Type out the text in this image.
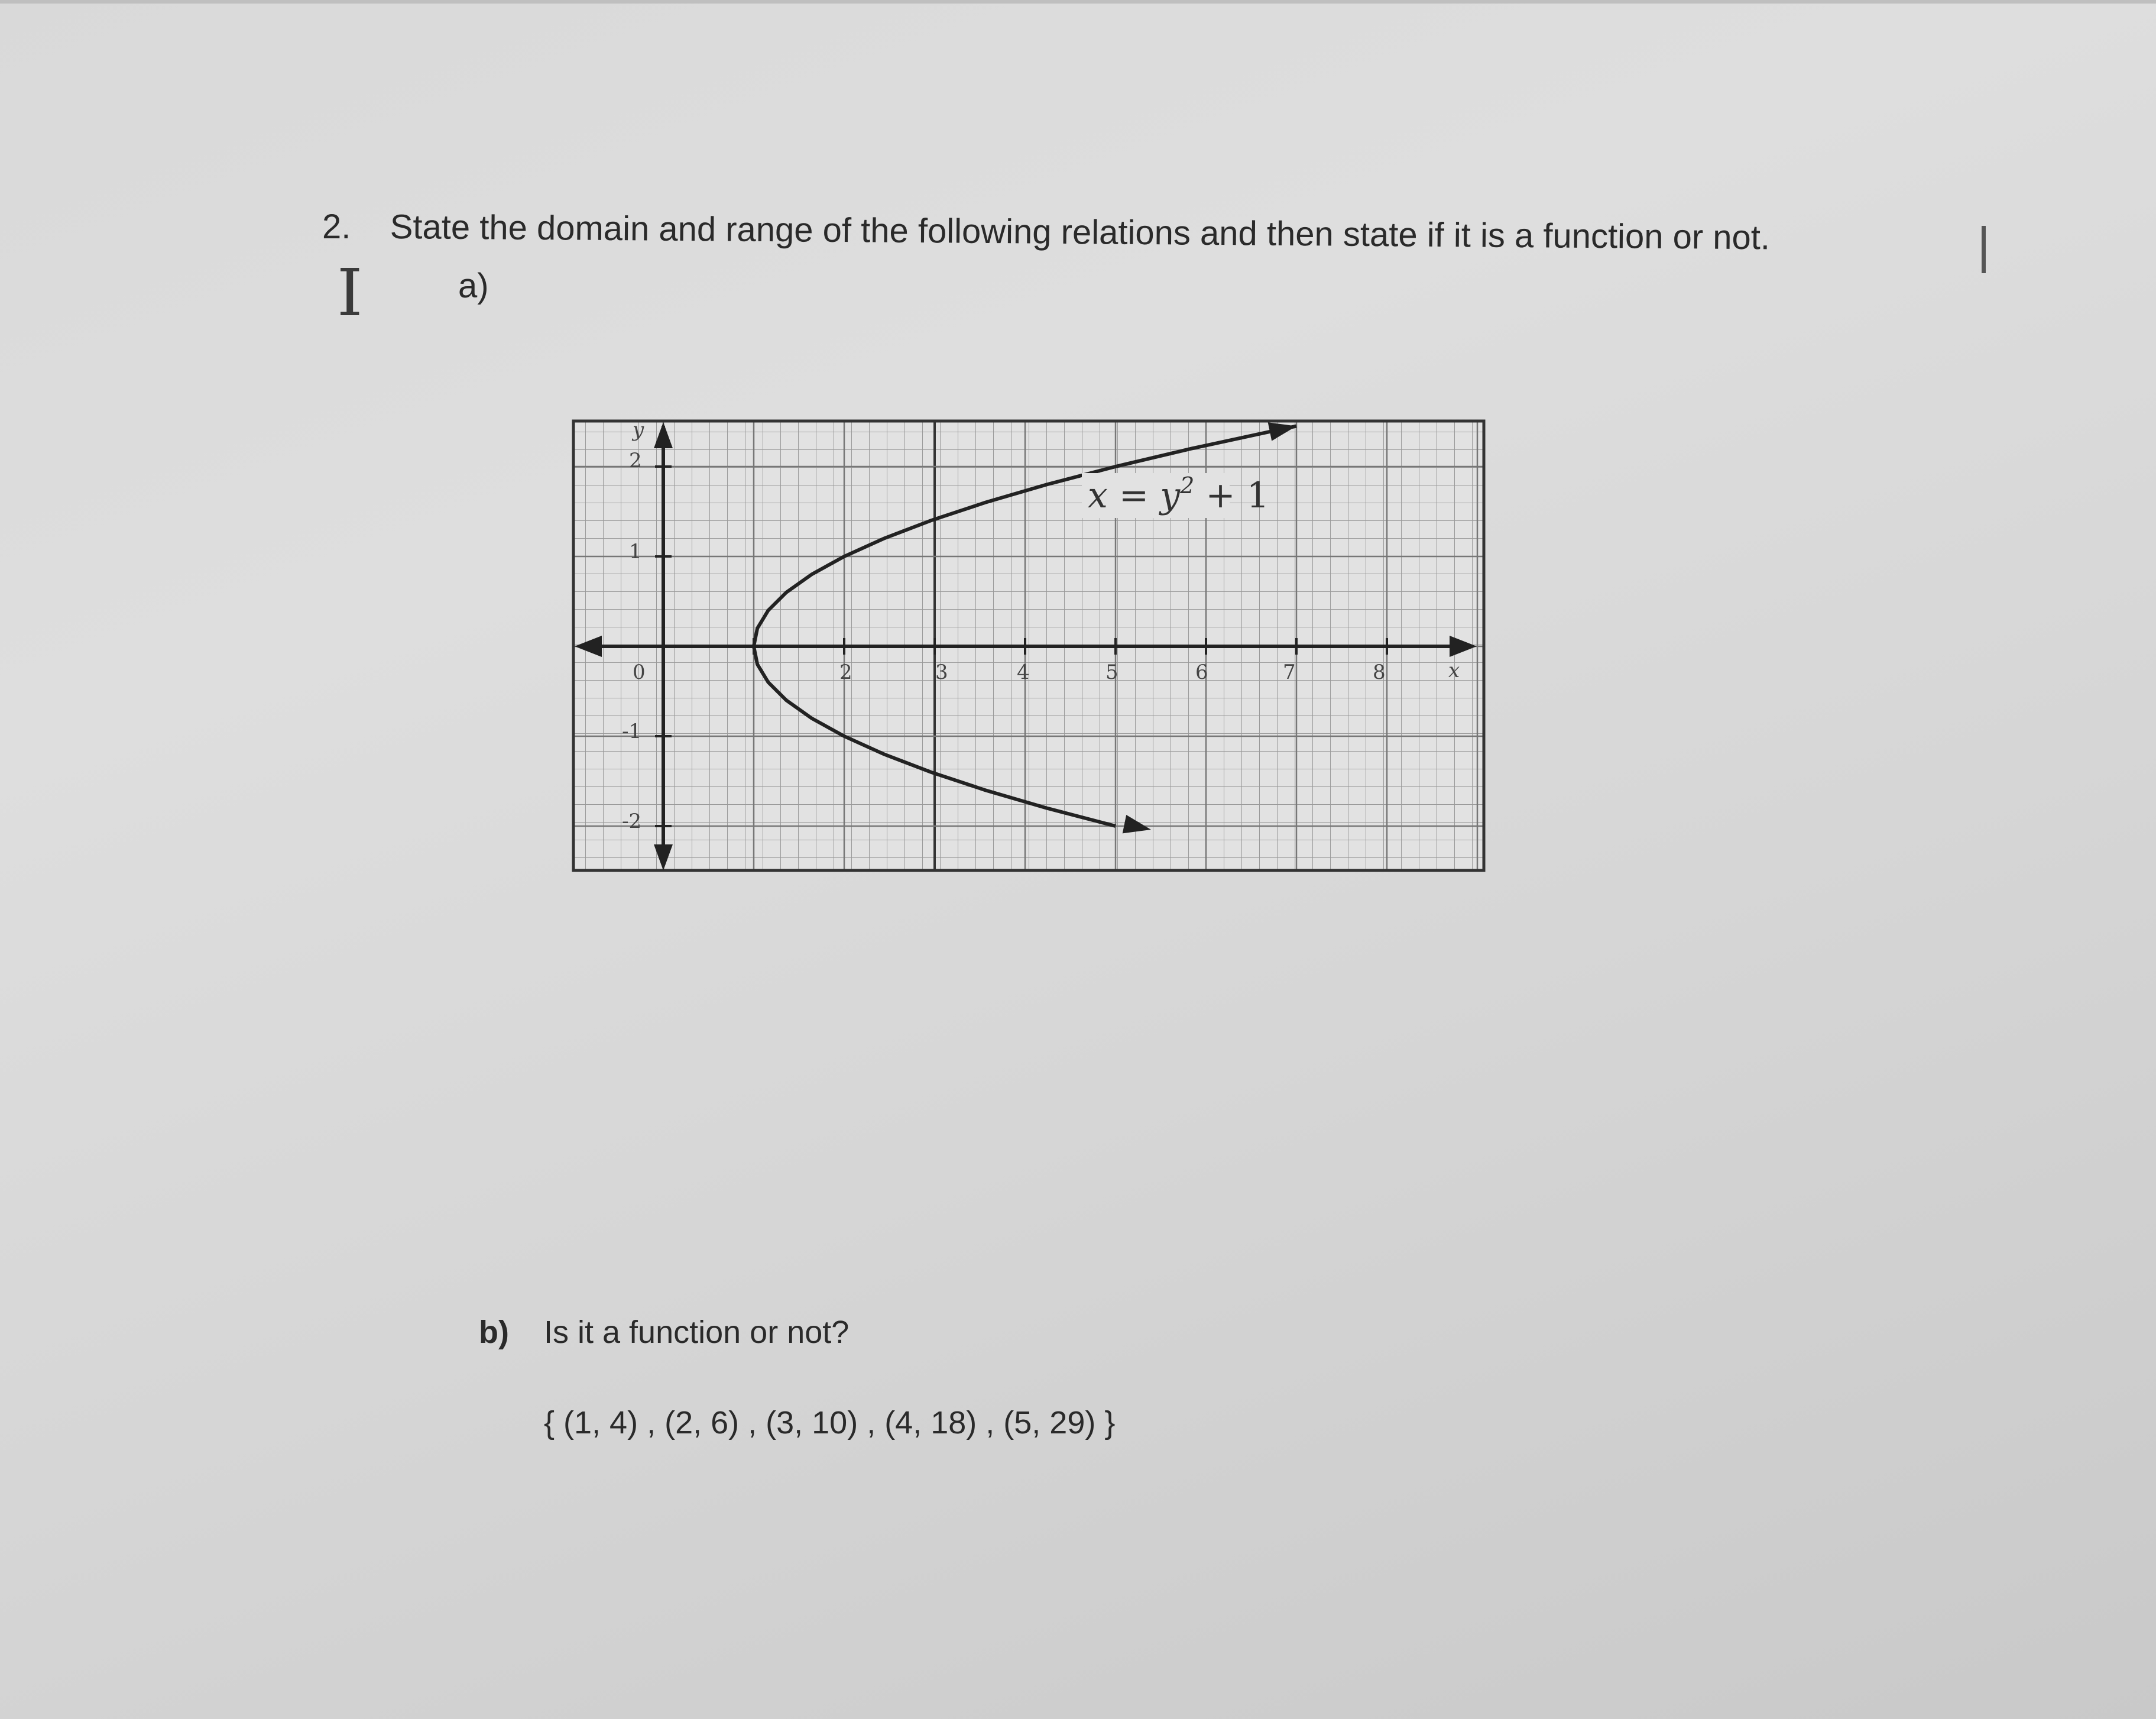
2. State the domain and range of the following relations and then state if it is a function or not.
I	a)
y
x
2
1
0
-1
-2
2	3	4	5	6	7	8
$x = y^2 + 1$
b) Is it a function or not?
{ (1, 4) , (2, 6) , (3, 10) , (4, 18) , (5, 29) }
